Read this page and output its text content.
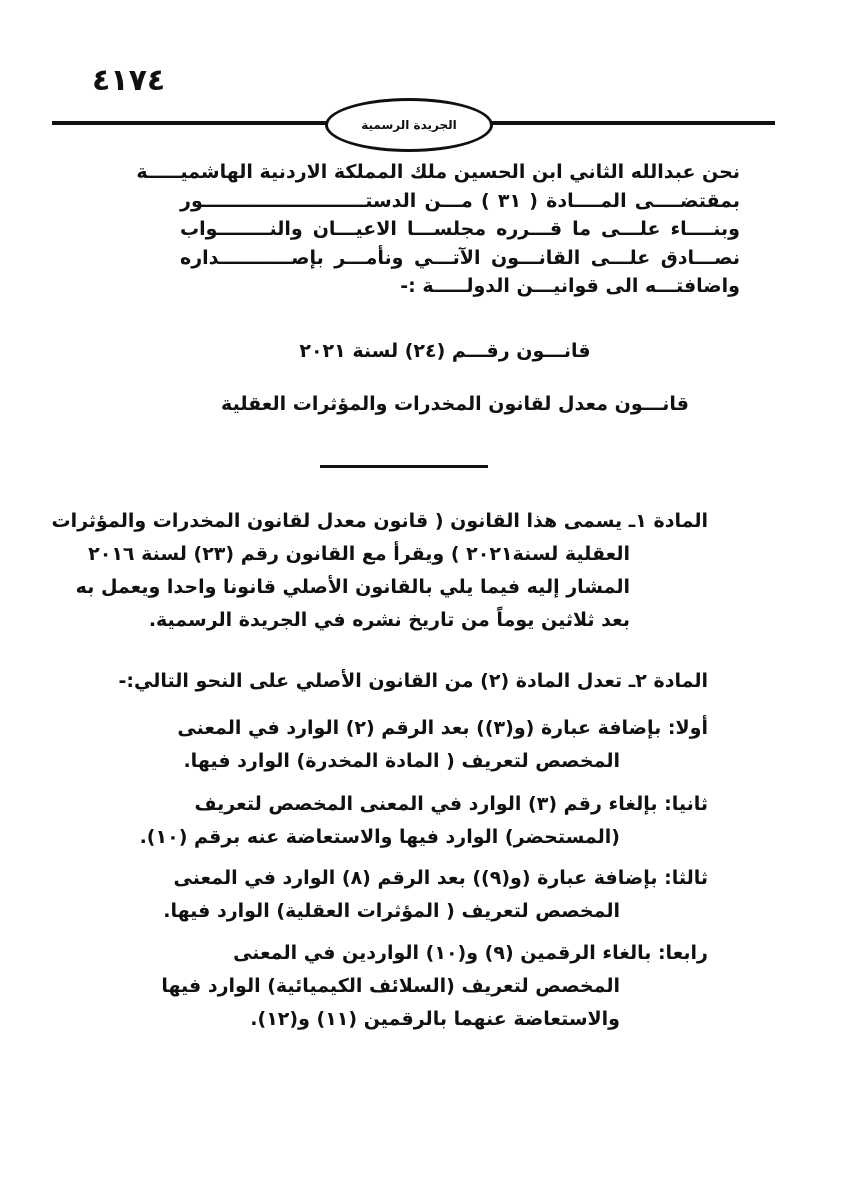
٤١٧٤
الجريدة الرسمية
نحن عبدالله الثاني ابن الحسين ملك المملكة الاردنية الهاشميـــــة
بمقتضــــى المــــادة ( ٣١ ) مـــن الدستـــــــــــــــــــــــــور
وبنــــاء علـــى ما قـــرره مجلســـا الاعيـــان والنــــــــواب
نصـــادق علـــى القانـــون الآتـــي ونأمـــر بإصـــــــــــداره
واضافتـــه الى قوانيـــن الدولـــــة :-
قانـــون رقـــم (٢٤) لسنة ٢٠٢١
قانـــون معدل لقانون المخدرات والمؤثرات العقلية
المادة ١ـ يسمى هذا القانون ( قانون معدل لقانون المخدرات والمؤثرات
العقلية لسنة٢٠٢١ ) ويقرأ مع القانون رقم (٢٣) لسنة ٢٠١٦
المشار إليه فيما يلي بالقانون الأصلي قانونا واحدا ويعمل به
بعد ثلاثين يوماً من تاريخ نشره في الجريدة الرسمية.
المادة ٢ـ تعدل المادة (٢) من القانون الأصلي على النحو التالي:-
أولا: بإضافة عبارة (و(٣)) بعد الرقم (٢) الوارد في المعنى
المخصص لتعريف ( المادة المخدرة) الوارد فيها.
ثانيا: بإلغاء رقم (٣) الوارد في المعنى المخصص لتعريف
(المستحضر) الوارد فيها والاستعاضة عنه برقم (١٠).
ثالثا: بإضافة عبارة (و(٩)) بعد الرقم (٨) الوارد في المعنى
المخصص لتعريف ( المؤثرات العقلية) الوارد فيها.
رابعا: بالغاء الرقمين (٩) و(١٠) الواردين في المعنى
المخصص لتعريف (السلائف الكيميائية) الوارد فيها
والاستعاضة عنهما بالرقمين (١١) و(١٢).
